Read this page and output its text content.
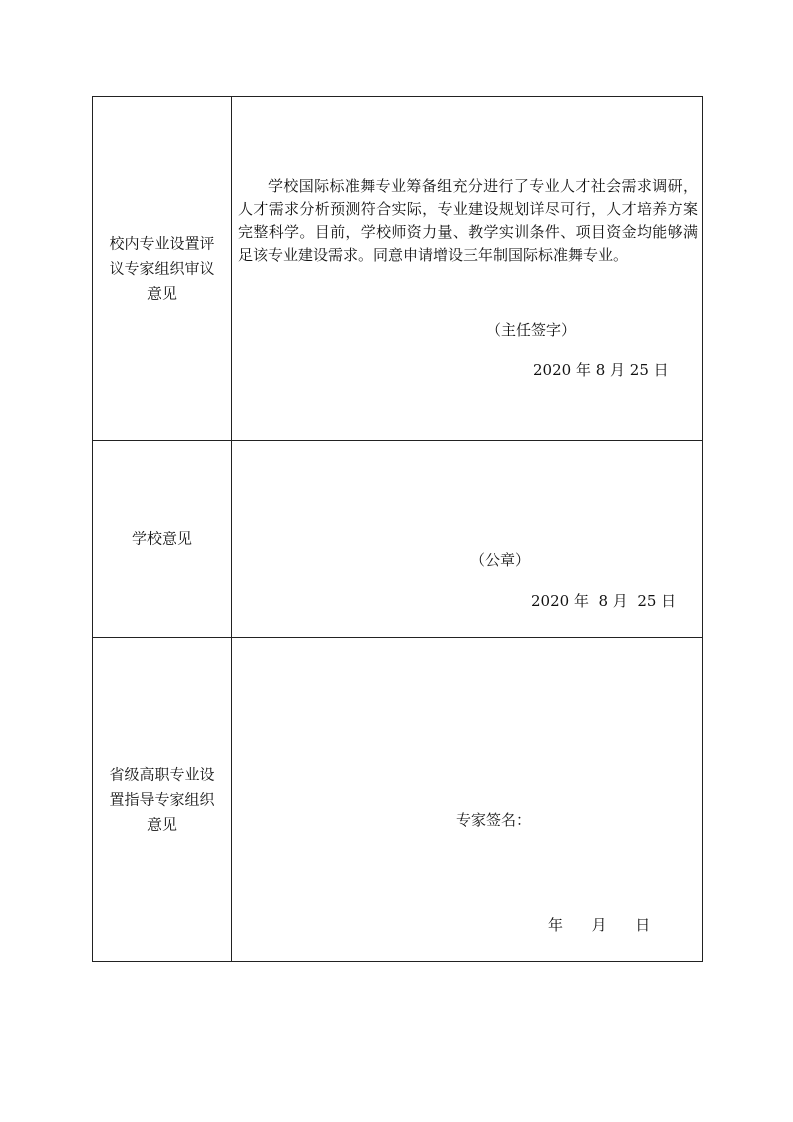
校内专业设置评议专家组织审议意见	学校国际标准舞专业筹备组充分进行了专业人才社会需求调研，人才需求分析预测符合实际，专业建设规划详尽可行，人才培养方案完整科学。目前，学校师资力量、教学实训条件、项目资金均能够满足该专业建设需求。同意申请增设三年制国际标准舞专业。
（主任签字）
2020 年 8 月 25 日

学校意见	（公章）
2020 年  8 月  25 日

省级高职专业设置指导专家组织意见	专家签名：
年      月      日
